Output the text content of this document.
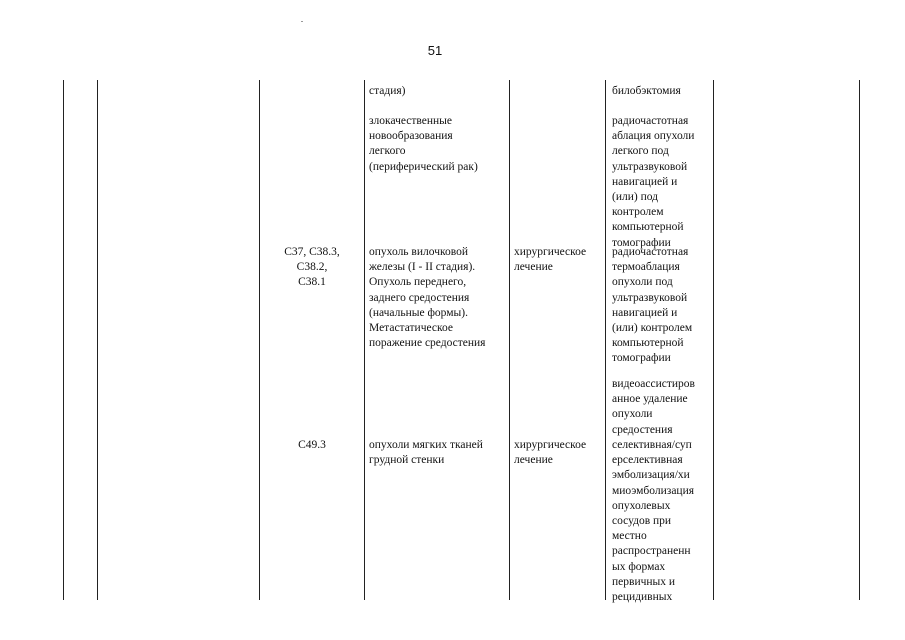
51
стадия)	билобэктомия
злокачественные
новообразования
легкого
(периферический рак)
радиочастотная
аблация опухоли
легкого под
ультразвуковой
навигацией и
(или) под
контролем
компьютерной
томографии
C37, C38.3,
C38.2,
C38.1
опухоль вилочковой
железы (I - II стадия).
Опухоль переднего,
заднего средостения
(начальные формы).
Метастатическое
поражение средостения
хирургическое
лечение
радиочастотная
термоаблация
опухоли под
ультразвуковой
навигацией и
(или) контролем
компьютерной
томографии
видеоассистиров
анное удаление
опухоли
средостения
C49.3	опухоли мягких тканей
грудной стенки
хирургическое
лечение
селективная/суп
ерселективная
эмболизация/хи
миоэмболизация
опухолевых
сосудов при
местно
распространенн
ых формах
первичных и
рецидивных
